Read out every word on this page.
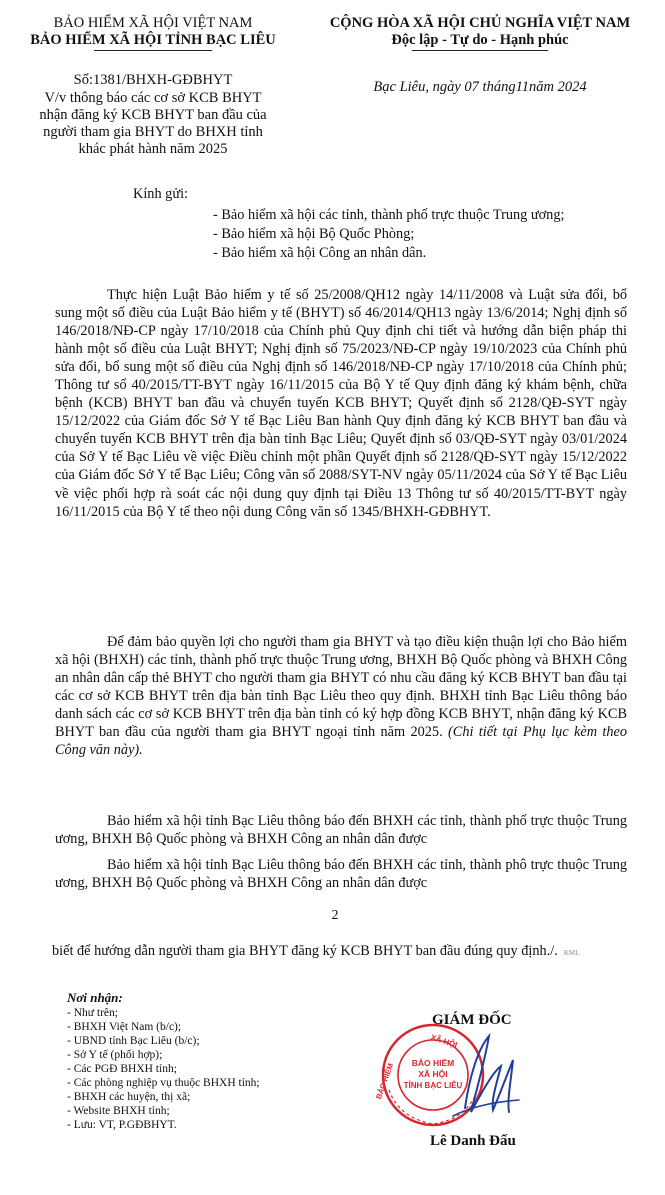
BẢO HIỂM XÃ HỘI VIỆT NAM
BẢO HIỂM XÃ HỘI TỈNH BẠC LIÊU
CỘNG HÒA XÃ HỘI CHỦ NGHĨA VIỆT NAM
Độc lập - Tự do - Hạnh phúc
Số:1381/BHXH-GĐBHYT	Bạc Liêu, ngày 07 tháng11năm 2024
V/v thông báo các cơ sở KCB BHYT
nhận đăng ký KCB BHYT ban đầu của
người tham gia BHYT do BHXH tỉnh
khác phát hành năm 2025
Kính gửi:
- Bảo hiểm xã hội các tỉnh, thành phố trực thuộc Trung ương;
- Bảo hiểm xã hội Bộ Quốc Phòng;
- Bảo hiểm xã hội Công an nhân dân.
Thực hiện Luật Bảo hiểm y tế số 25/2008/QH12 ngày 14/11/2008 và Luật sửa đổi, bổ sung một số điều của Luật Bảo hiểm y tế (BHYT) số 46/2014/QH13 ngày 13/6/2014; Nghị định số 146/2018/NĐ-CP ngày 17/10/2018 của Chính phủ Quy định chi tiết và hướng dẫn biện pháp thi hành một số điều của Luật BHYT; Nghị định số 75/2023/NĐ-CP ngày 19/10/2023 của Chính phủ sửa đổi, bổ sung một số điều của Nghị định số 146/2018/NĐ-CP ngày 17/10/2018 của Chính phủ; Thông tư số 40/2015/TT-BYT ngày 16/11/2015 của Bộ Y tế Quy định đăng ký khám bệnh, chữa bệnh (KCB) BHYT ban đầu và chuyển tuyến KCB BHYT; Quyết định số 2128/QĐ-SYT ngày 15/12/2022 của Giám đốc Sở Y tế Bạc Liêu Ban hành Quy định đăng ký KCB BHYT ban đầu và chuyển tuyến KCB BHYT trên địa bàn tỉnh Bạc Liêu; Quyết định số 03/QĐ-SYT ngày 03/01/2024 của Sở Y tế Bạc Liêu về việc Điều chỉnh một phần Quyết định số 2128/QĐ-SYT ngày 15/12/2022 của Giám đốc Sở Y tế Bạc Liêu; Công văn số 2088/SYT-NV ngày 05/11/2024 của Sở Y tế Bạc Liêu về việc phối hợp rà soát các nội dung quy định tại Điều 13 Thông tư số 40/2015/TT-BYT ngày 16/11/2015 của Bộ Y tế theo nội dung Công văn số 1345/BHXH-GĐBHYT.
Để đảm bảo quyền lợi cho người tham gia BHYT và tạo điều kiện thuận lợi cho Bảo hiểm xã hội (BHXH) các tỉnh, thành phố trực thuộc Trung ương, BHXH Bộ Quốc phòng và BHXH Công an nhân dân cấp thẻ BHYT cho người tham gia BHYT có nhu cầu đăng ký KCB BHYT ban đầu tại các cơ sở KCB BHYT trên địa bàn tỉnh Bạc Liêu theo quy định. BHXH tỉnh Bạc Liêu thông báo danh sách các cơ sở KCB BHYT trên địa bàn tỉnh có ký hợp đồng KCB BHYT, nhận đăng ký KCB BHYT ban đầu của người tham gia BHYT ngoại tỉnh năm 2025. (Chi tiết tại Phụ lục kèm theo Công văn này).
Bảo hiểm xã hội tỉnh Bạc Liêu thông báo đến BHXH các tỉnh, thành phố trực thuộc Trung ương, BHXH Bộ Quốc phòng và BHXH Công an nhân dân được
Bảo hiểm xã hội tỉnh Bạc Liêu thông báo đến BHXH các tỉnh, thành phô trực thuộc Trung ương, BHXH Bộ Quốc phòng và BHXH Công an nhân dân được
2
biết để hướng dẫn người tham gia BHYT đăng ký KCB BHYT ban đầu đúng quy định./. KML
Nơi nhận:
- Như trên;
- BHXH Việt Nam (b/c);
- UBND tỉnh Bạc Liêu (b/c);
- Sở Y tế (phối hợp);
- Các PGĐ BHXH tỉnh;
- Các phòng nghiệp vụ thuộc BHXH tỉnh;
- BHXH các huyện, thị xã;
- Website BHXH tỉnh;
- Lưu: VT, P.GĐBHYT.
GIÁM ĐỐC
XÃ HỘI
BẢO HIỂM BẢO HIỂM
XÃ HỘI
TỈNH BẠC LIÊU
Lê Danh Đấu
